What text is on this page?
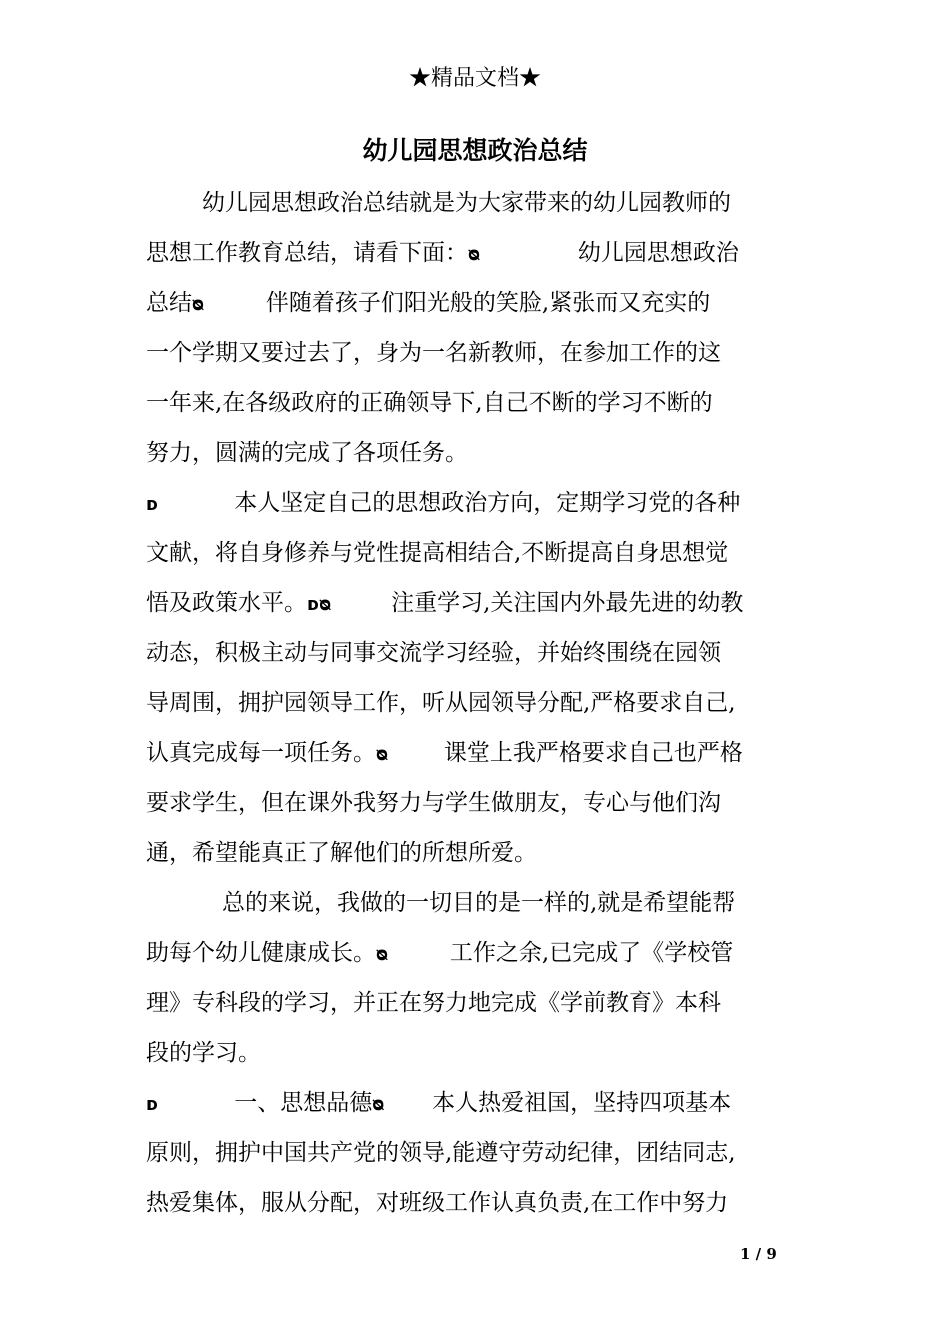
★精品文档★
幼儿园思想政治总结
幼儿园思想政治总结就是为大家带来的幼儿园教师的
思想工作教育总结，请看下面：ᴓ	幼儿园思想政治
总结ᴓ	伴随着孩子们阳光般的笑脸,紧张而又充实的
一个学期又要过去了，身为一名新教师，在参加工作的这
一年来,在各级政府的正确领导下,自己不断的学习不断的
努力，圆满的完成了各项任务。
ᴅ	本人坚定自己的思想政治方向，定期学习党的各种
文献，将自身修养与党性提高相结合,不断提高自身思想觉
悟及政策水平。ᴅᴓ	注重学习,关注国内外最先进的幼教
动态，积极主动与同事交流学习经验，并始终围绕在园领
导周围，拥护园领导工作，听从园领导分配,严格要求自己,
认真完成每一项任务。ᴓ 课堂上我严格要求自己也严格
要求学生，但在课外我努力与学生做朋友，专心与他们沟
通，希望能真正了解他们的所想所爱。
总的来说，我做的一切目的是一样的,就是希望能帮
助每个幼儿健康成长。ᴓ	工作之余,已完成了《学校管
理》专科段的学习，并正在努力地完成《学前教育》本科
段的学习。
ᴅ	一、思想品德ᴓ 本人热爱祖国，坚持四项基本
原则，拥护中国共产党的领导,能遵守劳动纪律，团结同志,
热爱集体，服从分配，对班级工作认真负责,在工作中努力
1 / 9
